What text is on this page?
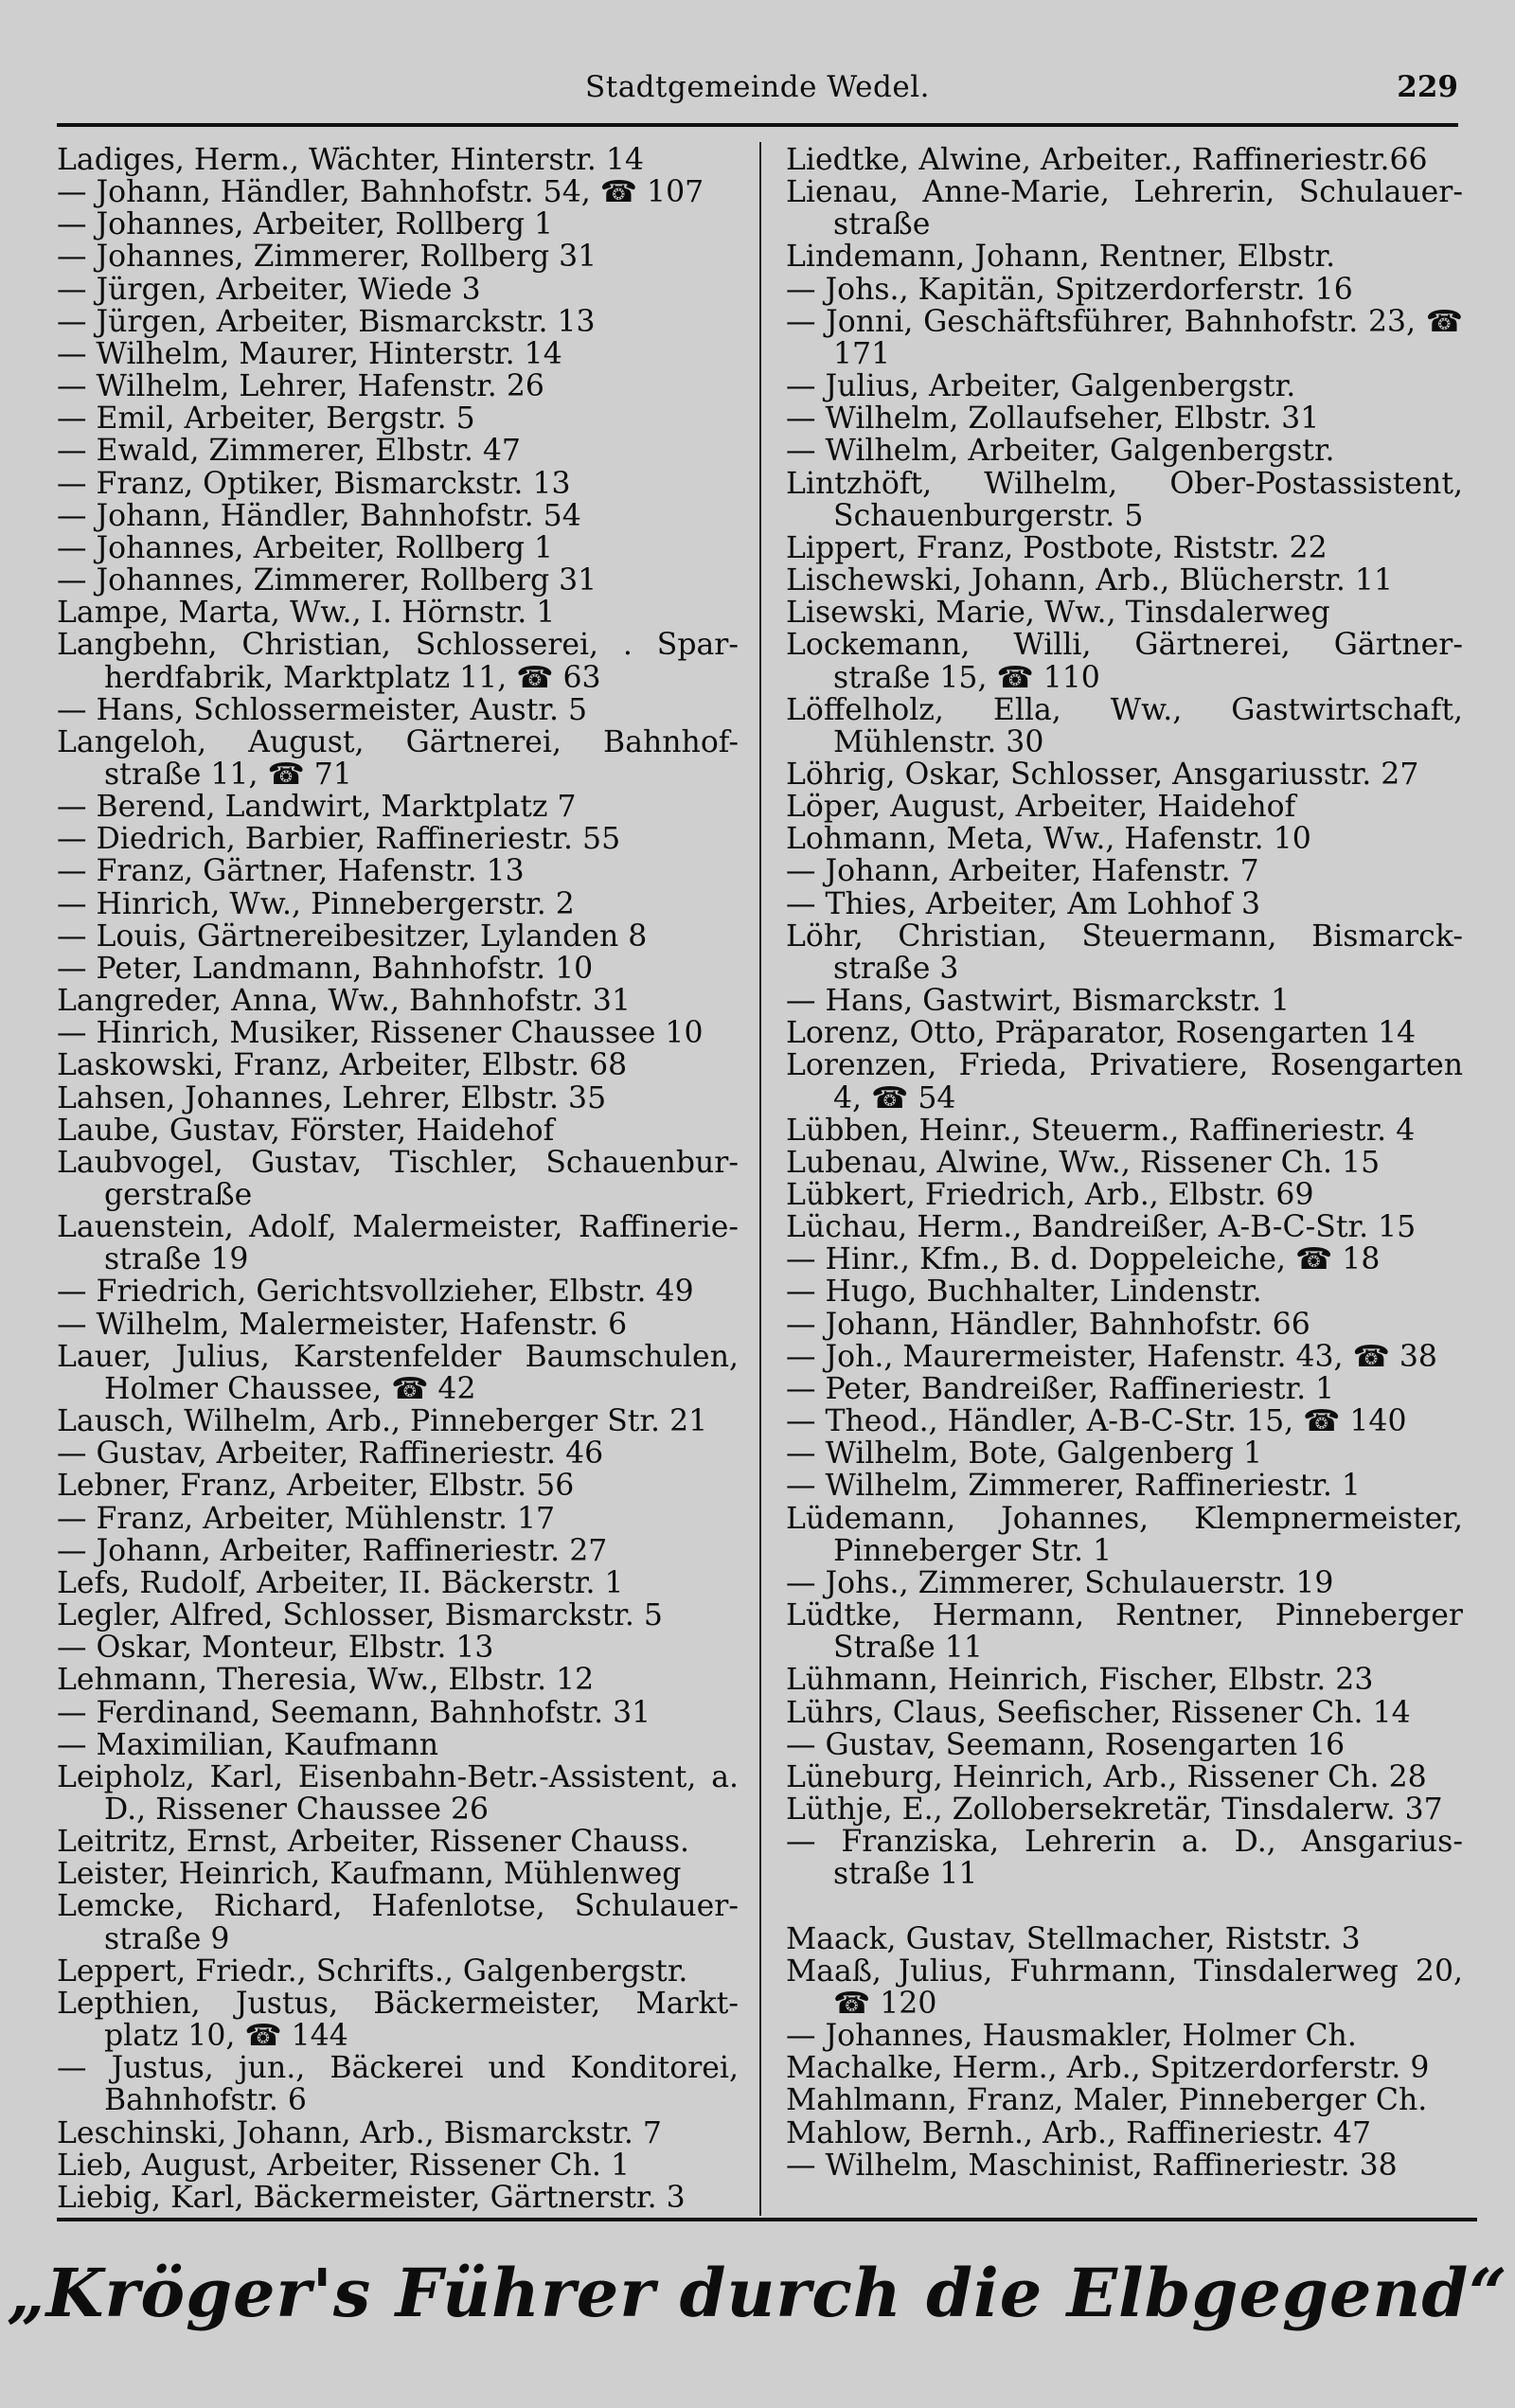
Stadtgemeinde Wedel.	229
Ladiges, Herm., Wächter, Hinterstr. 14
— Johann, Händler, Bahnhofstr. 54, ☎ 107
— Johannes, Arbeiter, Rollberg 1
— Johannes, Zimmerer, Rollberg 31
— Jürgen, Arbeiter, Wiede 3
— Jürgen, Arbeiter, Bismarckstr. 13
— Wilhelm, Maurer, Hinterstr. 14
— Wilhelm, Lehrer, Hafenstr. 26
— Emil, Arbeiter, Bergstr. 5
— Ewald, Zimmerer, Elbstr. 47
— Franz, Optiker, Bismarckstr. 13
— Johann, Händler, Bahnhofstr. 54
— Johannes, Arbeiter, Rollberg 1
— Johannes, Zimmerer, Rollberg 31
Lampe, Marta, Ww., I. Hörnstr. 1
Langbehn, Christian, Schlosserei, . Spar- herdfabrik, Marktplatz 11, ☎ 63
— Hans, Schlossermeister, Austr. 5
Langeloh, August, Gärtnerei, Bahnhof- straße 11, ☎ 71
— Berend, Landwirt, Marktplatz 7
— Diedrich, Barbier, Raffineriestr. 55
— Franz, Gärtner, Hafenstr. 13
— Hinrich, Ww., Pinnebergerstr. 2
— Louis, Gärtnereibesitzer, Lylanden 8
— Peter, Landmann, Bahnhofstr. 10
Langreder, Anna, Ww., Bahnhofstr. 31
— Hinrich, Musiker, Rissener Chaussee 10
Laskowski, Franz, Arbeiter, Elbstr. 68
Lahsen, Johannes, Lehrer, Elbstr. 35
Laube, Gustav, Förster, Haidehof
Laubvogel, Gustav, Tischler, Schauenbur- gerstraße
Lauenstein, Adolf, Malermeister, Raffinerie- straße 19
— Friedrich, Gerichtsvollzieher, Elbstr. 49
— Wilhelm, Malermeister, Hafenstr. 6
Lauer, Julius, Karstenfelder Baumschulen, Holmer Chaussee, ☎ 42
Lausch, Wilhelm, Arb., Pinneberger Str. 21
— Gustav, Arbeiter, Raffineriestr. 46
Lebner, Franz, Arbeiter, Elbstr. 56
— Franz, Arbeiter, Mühlenstr. 17
— Johann, Arbeiter, Raffineriestr. 27
Lefs, Rudolf, Arbeiter, II. Bäckerstr. 1
Legler, Alfred, Schlosser, Bismarckstr. 5
— Oskar, Monteur, Elbstr. 13
Lehmann, Theresia, Ww., Elbstr. 12
— Ferdinand, Seemann, Bahnhofstr. 31
— Maximilian, Kaufmann
Leipholz, Karl, Eisenbahn-Betr.-Assistent, a. D., Rissener Chaussee 26
Leitritz, Ernst, Arbeiter, Rissener Chauss.
Leister, Heinrich, Kaufmann, Mühlenweg
Lemcke, Richard, Hafenlotse, Schulauer- straße 9
Leppert, Friedr., Schrifts., Galgenbergstr.
Lepthien, Justus, Bäckermeister, Markt- platz 10, ☎ 144
— Justus, jun., Bäckerei und Konditorei, Bahnhofstr. 6
Leschinski, Johann, Arb., Bismarckstr. 7
Lieb, August, Arbeiter, Rissener Ch. 1
Liebig, Karl, Bäckermeister, Gärtnerstr. 3
Liedtke, Alwine, Arbeiter., Raffineriestr.66
Lienau, Anne-Marie, Lehrerin, Schulauer- straße
Lindemann, Johann, Rentner, Elbstr.
— Johs., Kapitän, Spitzerdorferstr. 16
— Jonni, Geschäftsführer, Bahnhofstr. 23, ☎ 171
— Julius, Arbeiter, Galgenbergstr.
— Wilhelm, Zollaufseher, Elbstr. 31
— Wilhelm, Arbeiter, Galgenbergstr.
Lintzhöft, Wilhelm, Ober-Postassistent, Schauenburgerstr. 5
Lippert, Franz, Postbote, Riststr. 22
Lischewski, Johann, Arb., Blücherstr. 11
Lisewski, Marie, Ww., Tinsdalerweg
Lockemann, Willi, Gärtnerei, Gärtner- straße 15, ☎ 110
Löffelholz, Ella, Ww., Gastwirtschaft, Mühlenstr. 30
Löhrig, Oskar, Schlosser, Ansgariusstr. 27
Löper, August, Arbeiter, Haidehof
Lohmann, Meta, Ww., Hafenstr. 10
— Johann, Arbeiter, Hafenstr. 7
— Thies, Arbeiter, Am Lohhof 3
Löhr, Christian, Steuermann, Bismarck- straße 3
— Hans, Gastwirt, Bismarckstr. 1
Lorenz, Otto, Präparator, Rosengarten 14
Lorenzen, Frieda, Privatiere, Rosengarten 4, ☎ 54
Lübben, Heinr., Steuerm., Raffineriestr. 4
Lubenau, Alwine, Ww., Rissener Ch. 15
Lübkert, Friedrich, Arb., Elbstr. 69
Lüchau, Herm., Bandreißer, A-B-C-Str. 15
— Hinr., Kfm., B. d. Doppeleiche, ☎ 18
— Hugo, Buchhalter, Lindenstr.
— Johann, Händler, Bahnhofstr. 66
— Joh., Maurermeister, Hafenstr. 43, ☎ 38
— Peter, Bandreißer, Raffineriestr. 1
— Theod., Händler, A-B-C-Str. 15, ☎ 140
— Wilhelm, Bote, Galgenberg 1
— Wilhelm, Zimmerer, Raffineriestr. 1
Lüdemann, Johannes, Klempnermeister, Pinneberger Str. 1
— Johs., Zimmerer, Schulauerstr. 19
Lüdtke, Hermann, Rentner, Pinneberger Straße 11
Lühmann, Heinrich, Fischer, Elbstr. 23
Lührs, Claus, Seefischer, Rissener Ch. 14
— Gustav, Seemann, Rosengarten 16
Lüneburg, Heinrich, Arb., Rissener Ch. 28
Lüthje, E., Zollobersekretär, Tinsdalerw. 37
— Franziska, Lehrerin a. D., Ansgarius- straße 11
Maack, Gustav, Stellmacher, Riststr. 3
Maaß, Julius, Fuhrmann, Tinsdalerweg 20, ☎ 120
— Johannes, Hausmakler, Holmer Ch.
Machalke, Herm., Arb., Spitzerdorferstr. 9
Mahlmann, Franz, Maler, Pinneberger Ch.
Mahlow, Bernh., Arb., Raffineriestr. 47
— Wilhelm, Maschinist, Raffineriestr. 38
„Kröger's Führer durch die Elbgegend“
